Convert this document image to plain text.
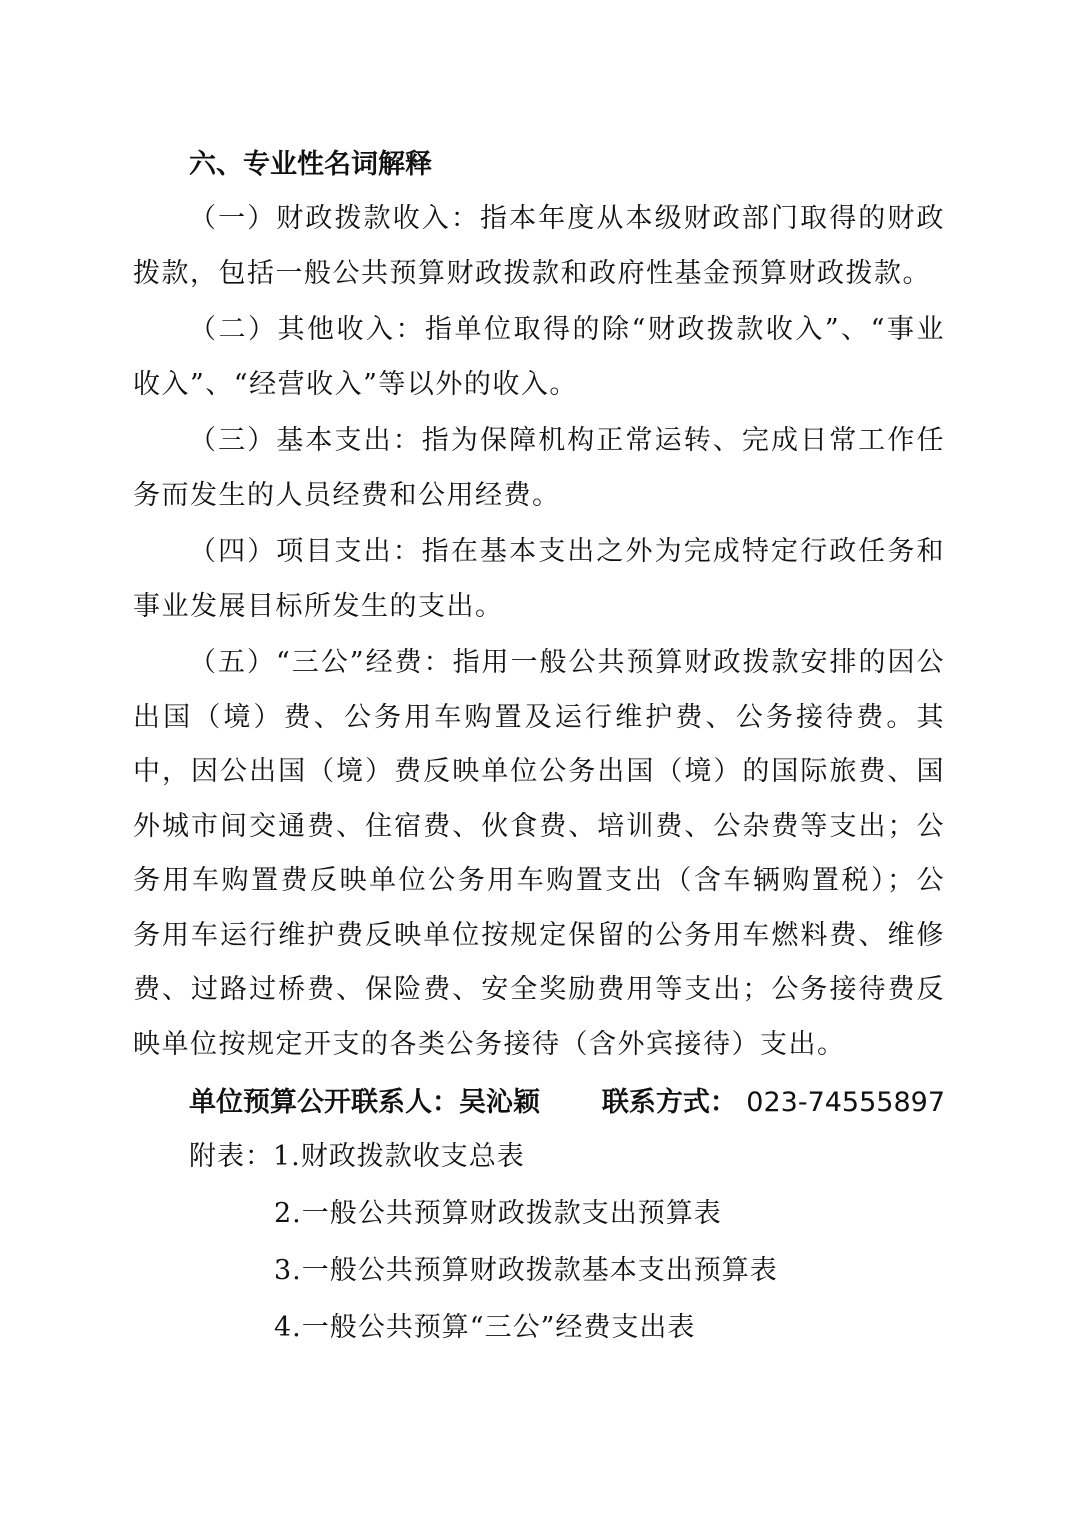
六、专业性名词解释

（一）财政拨款收入：指本年度从本级财政部门取得的财政拨款，包括一般公共预算财政拨款和政府性基金预算财政拨款。

（二）其他收入：指单位取得的除“财政拨款收入”、“事业收入”、“经营收入”等以外的收入。

（三）基本支出：指为保障机构正常运转、完成日常工作任务而发生的人员经费和公用经费。

（四）项目支出：指在基本支出之外为完成特定行政任务和事业发展目标所发生的支出。

（五）“三公”经费：指用一般公共预算财政拨款安排的因公出国（境）费、公务用车购置及运行维护费、公务接待费。其中，因公出国（境）费反映单位公务出国（境）的国际旅费、国外城市间交通费、住宿费、伙食费、培训费、公杂费等支出；公务用车购置费反映单位公务用车购置支出（含车辆购置税）；公务用车运行维护费反映单位按规定保留的公务用车燃料费、维修费、过路过桥费、保险费、安全奖励费用等支出；公务接待费反映单位按规定开支的各类公务接待（含外宾接待）支出。

单位预算公开联系人：吴沁颖 联系方式： 023-74555897
附表：1.财政拨款收支总表
2.一般公共预算财政拨款支出预算表
3.一般公共预算财政拨款基本支出预算表
4.一般公共预算“三公”经费支出表
